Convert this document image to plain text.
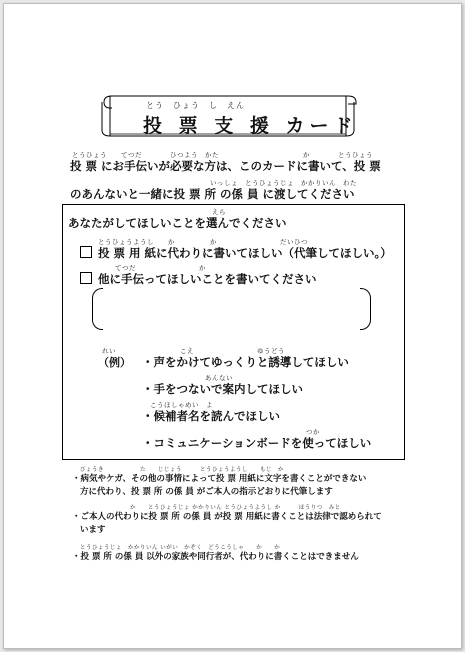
とう　ひょう　し　えん
投 票 支 援 カード
とうひょう　　てつだ　　　　ひつよう　かた　　　　　　　　　　　　か　　　　とうひょう
投 票 にお手伝いが必要な方は、このカードに書いて、投 票
いっしょ　とうひょうじょ　かかりいん　わた
のあんないと一緒に投 票 所 の係 員 に渡してください
えら
あなたがしてほしいことを選んでください
とうひょうようし　　か　　　　　か　　　　　　　　　だいひつ
投 票 用 紙に代わりに書いてほしい（代筆してほしい。）
てつだ　　　　　　　　　か
他に手伝ってほしいことを書いてください
れい
（例）
こえ　　　　　　　　　ゆうどう
・声をかけてゆっくりと誘導してほしい
あんない
・手をつないで案内してほしい
こうほしゃめい　よ
・候補者名を読んでほしい
つか
・コミュニケーションボードを使ってほしい
びょうき　　　　　　た　　じじょう　　　とうひょうようし　　もじ　か
・病気やケガ、その他の事情によって投 票 用紙に文字を書くことができない
方に代わり、投 票 所 の係 員 がご本人の指示どおりに代筆します
か　　とうひょうじょ かかりいん とうひょうようし か　　　ほうりつ　みと
・ご本人の代わりに投 票 所 の係 員 が投 票 用紙に書くことは法律で認められて
います
とうひょうじょ　かかりいん いがい　かぞく　どうこうしゃ　　か　　か
・投 票 所 の係 員 以外の家族や同行者が、代わりに書くことはできません
